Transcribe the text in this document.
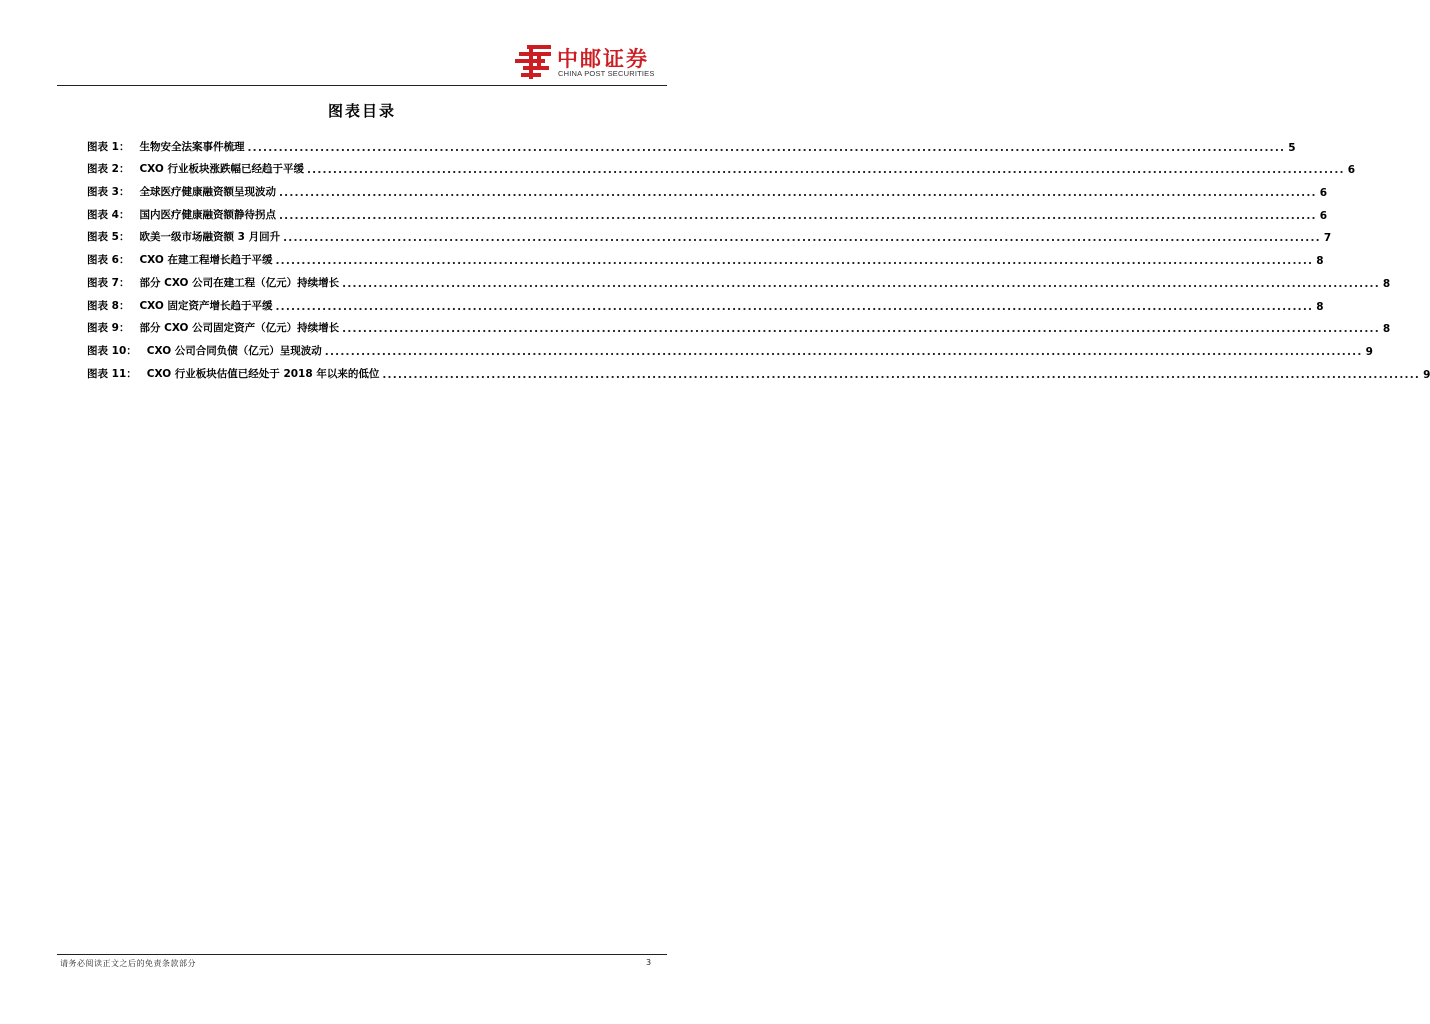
中邮证券
CHINA POST SECURITIES
图表目录
图表 1： 生物安全法案事件梳理 ........................................................................................................................................................................................................ 5
图表 2： CXO 行业板块涨跌幅已经趋于平缓 ........................................................................................................................................................................................................ 6
图表 3： 全球医疗健康融资额呈现波动 ........................................................................................................................................................................................................ 6
图表 4： 国内医疗健康融资额静待拐点 ........................................................................................................................................................................................................ 6
图表 5： 欧美一级市场融资额 3 月回升 ........................................................................................................................................................................................................ 7
图表 6： CXO 在建工程增长趋于平缓 ........................................................................................................................................................................................................ 8
图表 7： 部分 CXO 公司在建工程（亿元）持续增长 ........................................................................................................................................................................................................ 8
图表 8： CXO 固定资产增长趋于平缓 ........................................................................................................................................................................................................ 8
图表 9： 部分 CXO 公司固定资产（亿元）持续增长 ........................................................................................................................................................................................................ 8
图表 10： CXO 公司合同负债（亿元）呈现波动 ........................................................................................................................................................................................................ 9
图表 11： CXO 行业板块估值已经处于 2018 年以来的低位 ........................................................................................................................................................................................................ 9
请务必阅读正文之后的免责条款部分	3
